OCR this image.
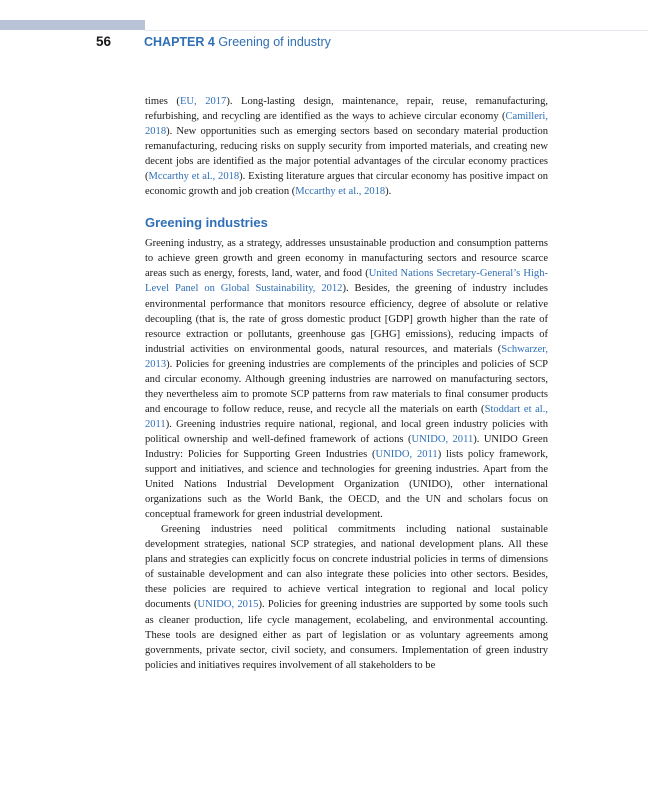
56	CHAPTER 4 Greening of industry

times (EU, 2017). Long-lasting design, maintenance, repair, reuse, remanufacturing, refurbishing, and recycling are identified as the ways to achieve circular economy (Camilleri, 2018). New opportunities such as emerging sectors based on secondary material production remanufacturing, reducing risks on supply security from imported materials, and creating new decent jobs are identified as the major potential advantages of the circular economy practices (Mccarthy et al., 2018). Existing literature argues that circular economy has positive impact on economic growth and job creation (Mccarthy et al., 2018).

Greening industries

Greening industry, as a strategy, addresses unsustainable production and consumption patterns to achieve green growth and green economy in manufacturing sectors and resource scarce areas such as energy, forests, land, water, and food (United Nations Secretary-General’s High-Level Panel on Global Sustainability, 2012). Besides, the greening of industry includes environmental performance that monitors resource efficiency, degree of absolute or relative decoupling (that is, the rate of gross domestic product [GDP] growth higher than the rate of resource extraction or pollutants, greenhouse gas [GHG] emissions), reducing impacts of industrial activities on environmental goods, natural resources, and materials (Schwarzer, 2013). Policies for greening industries are complements of the principles and policies of SCP and circular economy. Although greening industries are narrowed on manufacturing sectors, they nevertheless aim to promote SCP patterns from raw materials to final consumer products and encourage to follow reduce, reuse, and recycle all the materials on earth (Stoddart et al., 2011). Greening industries require national, regional, and local green industry policies with political ownership and well-defined framework of actions (UNIDO, 2011). UNIDO Green Industry: Policies for Supporting Green Industries (UNIDO, 2011) lists policy framework, support and initiatives, and science and technologies for greening industries. Apart from the United Nations Industrial Development Organization (UNIDO), other international organizations such as the World Bank, the OECD, and the UN and scholars focus on conceptual framework for green industrial development.

Greening industries need political commitments including national sustainable development strategies, national SCP strategies, and national development plans. All these plans and strategies can explicitly focus on concrete industrial policies in terms of dimensions of sustainable development and can also integrate these policies into other sectors. Besides, these policies are required to achieve vertical integration to regional and local policy documents (UNIDO, 2015). Policies for greening industries are supported by some tools such as cleaner production, life cycle management, ecolabeling, and environmental accounting. These tools are designed either as part of legislation or as voluntary agreements among governments, private sector, civil society, and consumers. Implementation of green industry policies and initiatives requires involvement of all stakeholders to be
